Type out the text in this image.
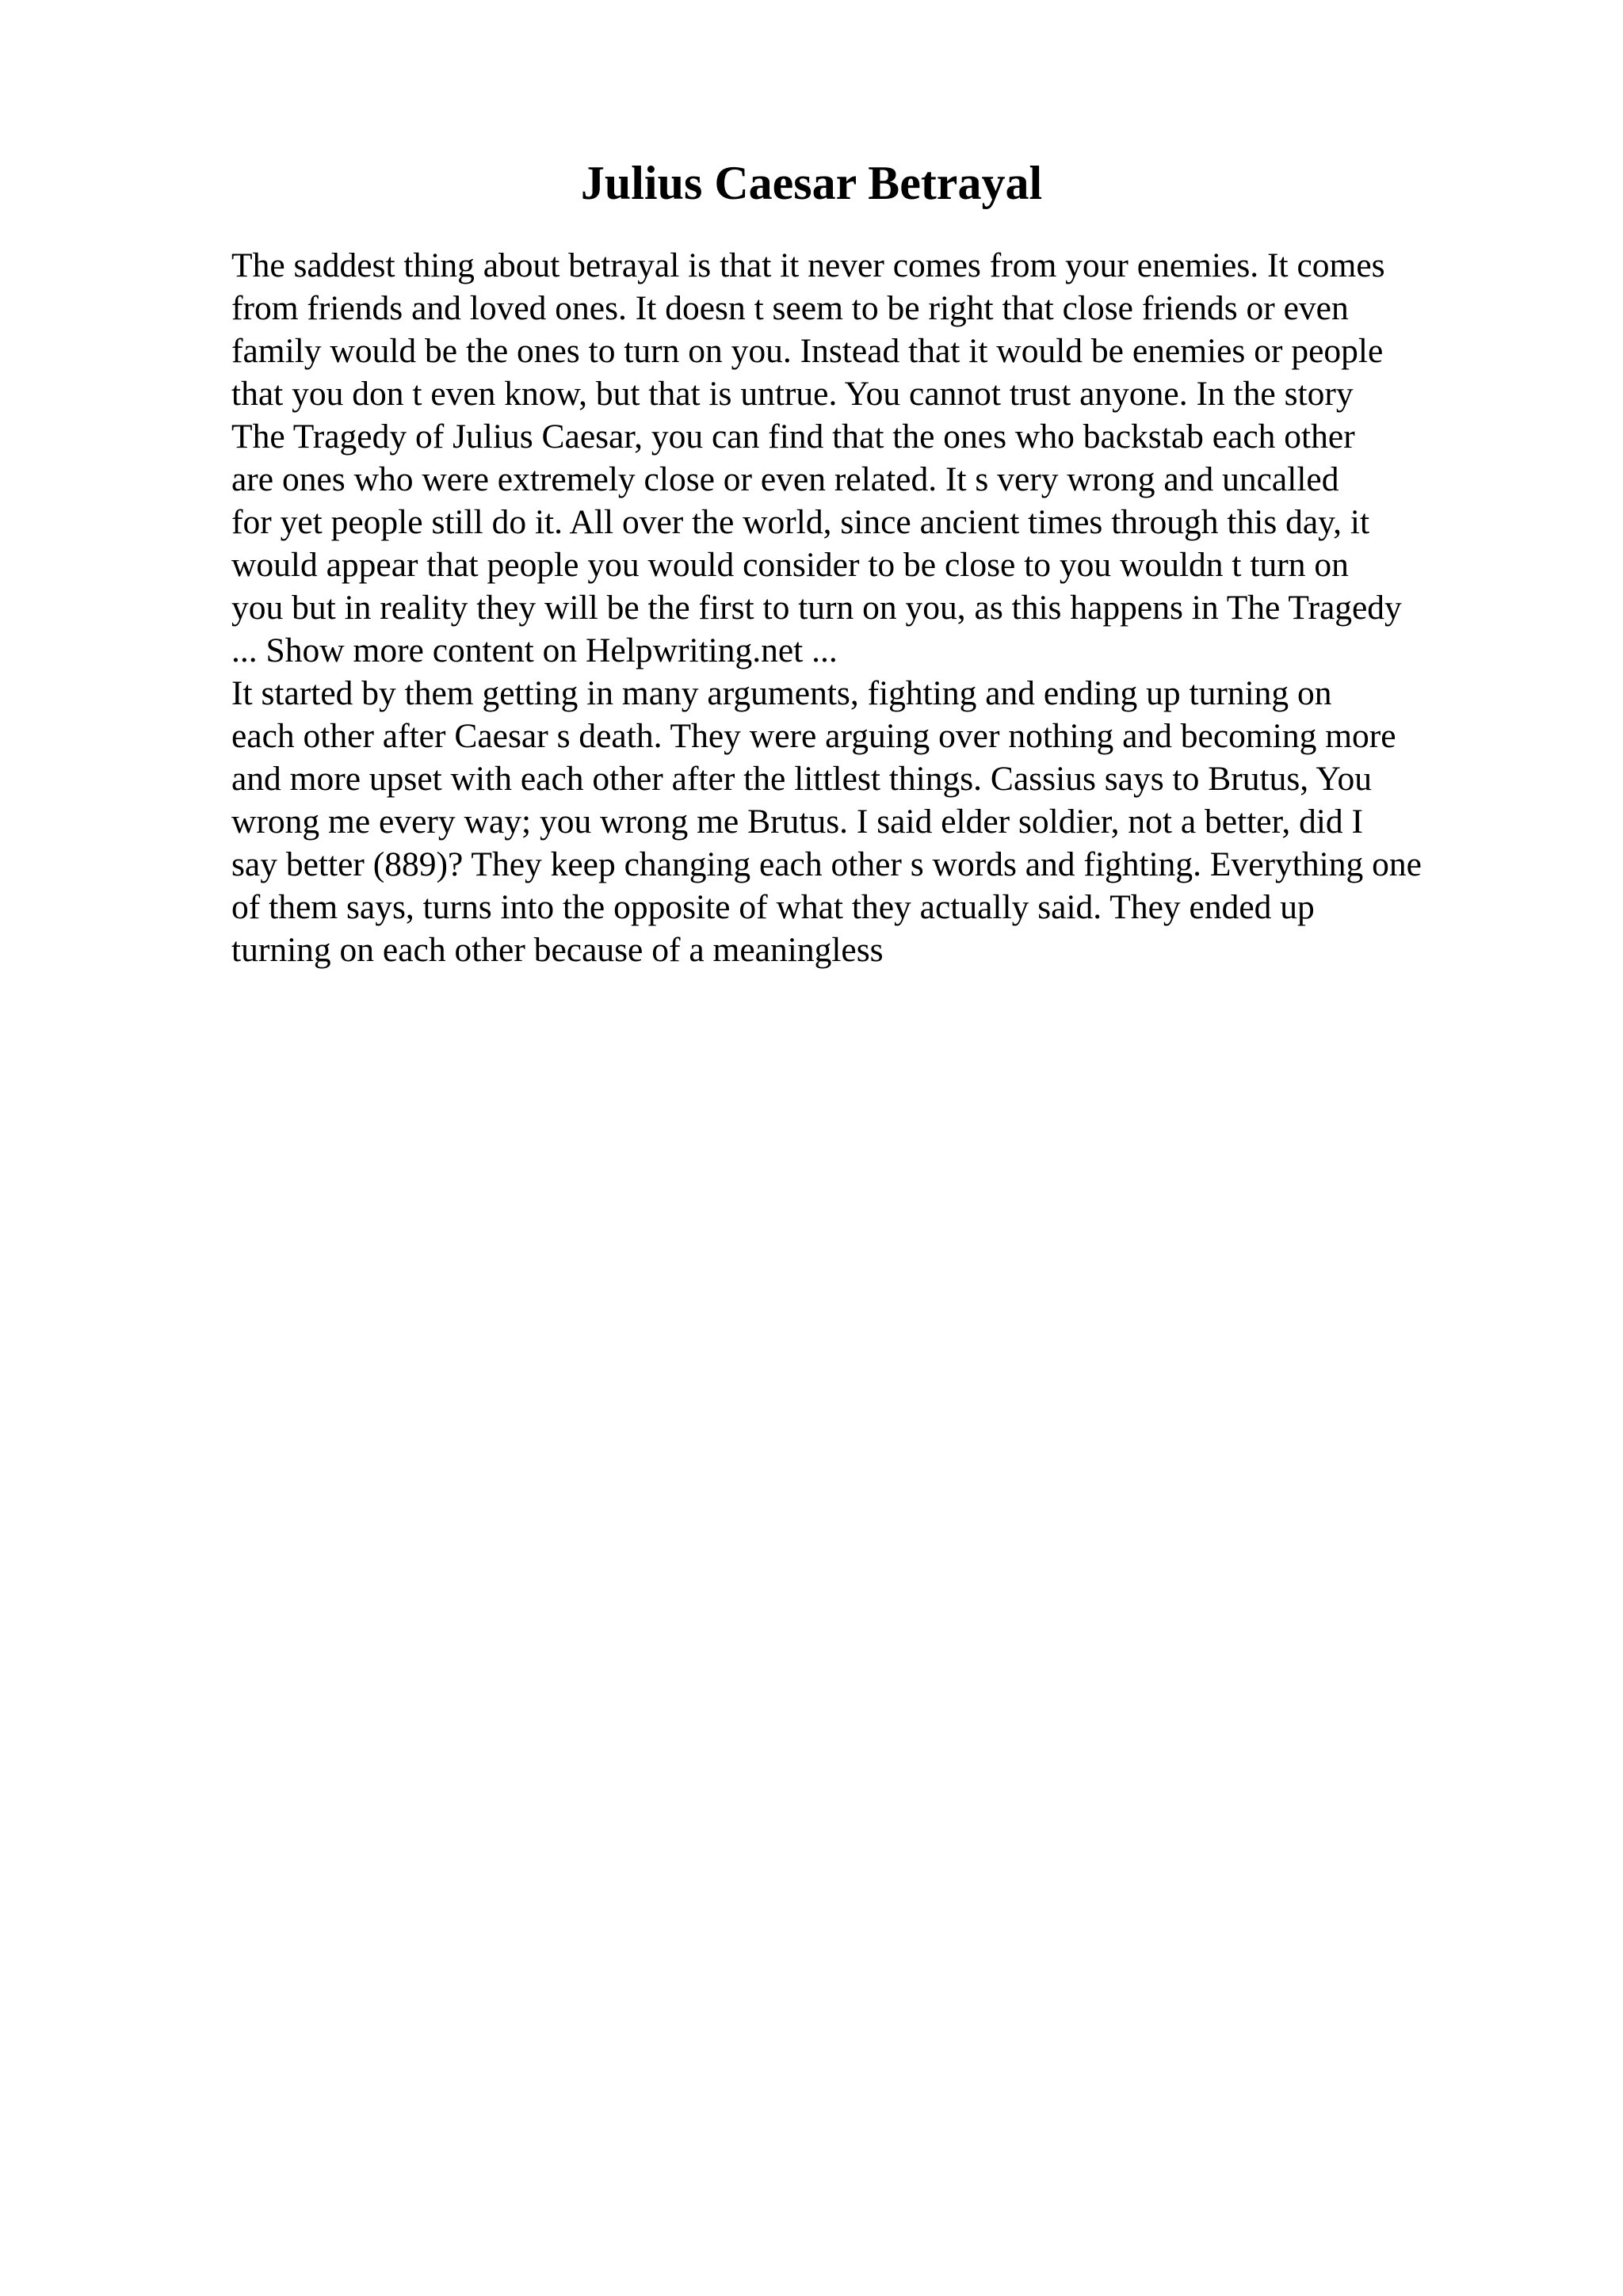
Julius Caesar Betrayal
The saddest thing about betrayal is that it never comes from your enemies. It comes
from friends and loved ones. It doesn t seem to be right that close friends or even
family would be the ones to turn on you. Instead that it would be enemies or people
that you don t even know, but that is untrue. You cannot trust anyone. In the story
The Tragedy of Julius Caesar, you can find that the ones who backstab each other
are ones who were extremely close or even related. It s very wrong and uncalled
for yet people still do it. All over the world, since ancient times through this day, it
would appear that people you would consider to be close to you wouldn t turn on
you but in reality they will be the first to turn on you, as this happens in The Tragedy
... Show more content on Helpwriting.net ...
It started by them getting in many arguments, fighting and ending up turning on
each other after Caesar s death. They were arguing over nothing and becoming more
and more upset with each other after the littlest things. Cassius says to Brutus, You
wrong me every way; you wrong me Brutus. I said elder soldier, not a better, did I
say better (889)? They keep changing each other s words and fighting. Everything one
of them says, turns into the opposite of what they actually said. They ended up
turning on each other because of a meaningless
